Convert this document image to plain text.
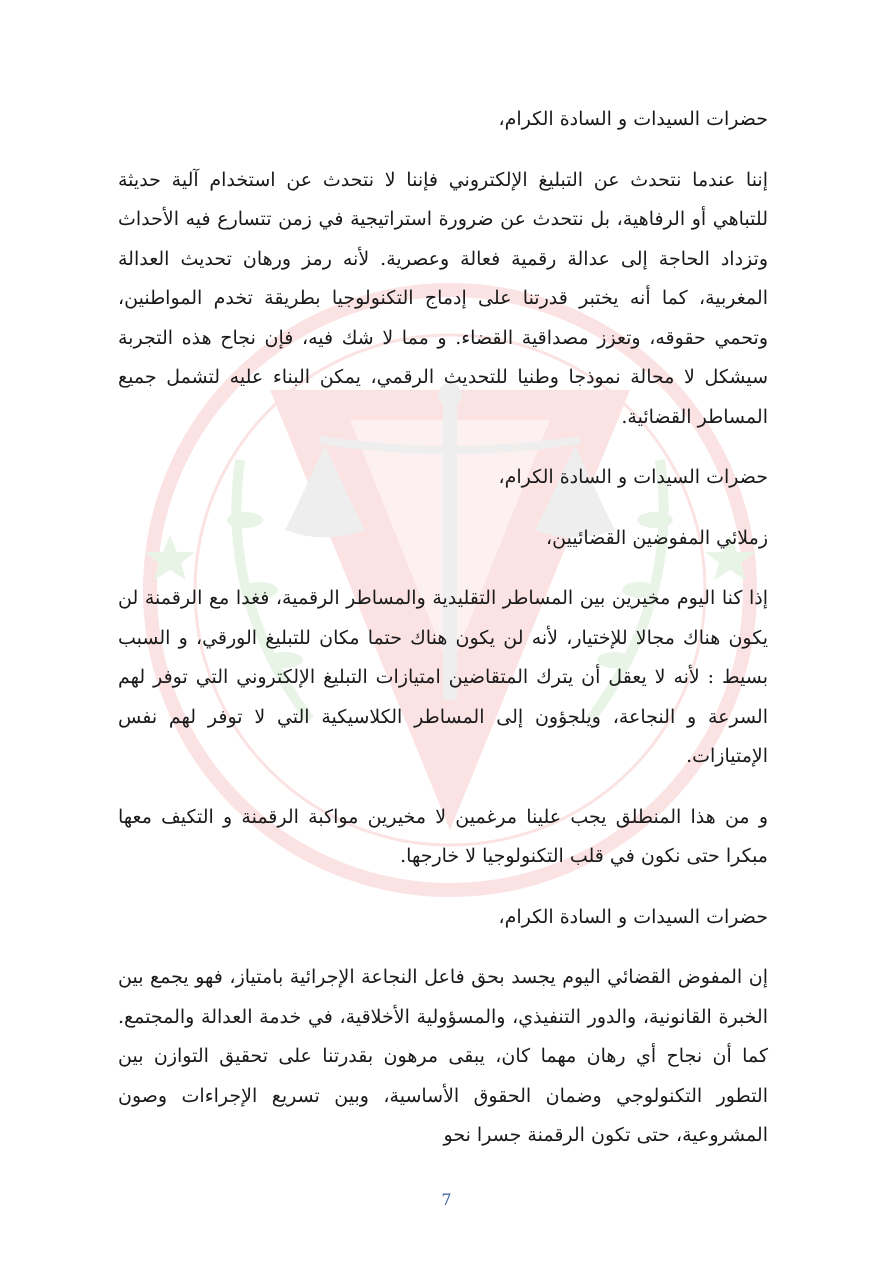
حضرات السيدات و السادة الكرام،

إننا عندما نتحدث عن التبليغ الإلكتروني فإننا لا نتحدث عن استخدام آلية حديثة للتباهي أو الرفاهية، بل نتحدث عن ضرورة استراتيجية في زمن تتسارع فيه الأحداث وتزداد الحاجة إلى عدالة رقمية فعالة وعصرية. لأنه رمز ورهان تحديث العدالة المغربية، كما أنه يختبر قدرتنا على إدماج التكنولوجيا بطريقة تخدم المواطنين، وتحمي حقوقه، وتعزز مصداقية القضاء. و مما لا شك فيه، فإن نجاح هذه التجربة سيشكل لا محالة نموذجا وطنيا للتحديث الرقمي، يمكن البناء عليه لتشمل جميع المساطر القضائية.

حضرات السيدات و السادة الكرام،

زملائي المفوضين القضائيين،

إذا كنا اليوم مخيرين بين المساطر التقليدية والمساطر الرقمية، فغدا مع الرقمنة لن يكون هناك مجالا للإختيار، لأنه لن يكون هناك حتما مكان للتبليغ الورقي، و السبب بسيط : لأنه لا يعقل أن يترك المتقاضين امتيازات التبليغ الإلكتروني التي توفر لهم السرعة و النجاعة، ويلجؤون إلى المساطر الكلاسيكية التي لا توفر لهم نفس الإمتيازات.

و من هذا المنطلق يجب علينا مرغمين لا مخيرين مواكبة الرقمنة و التكيف معها مبكرا حتى نكون في قلب التكنولوجيا لا خارجها.

حضرات السيدات و السادة الكرام،

إن المفوض القضائي اليوم يجسد بحق فاعل النجاعة الإجرائية بامتياز، فهو يجمع بين الخبرة القانونية، والدور التنفيذي، والمسؤولية الأخلاقية، في خدمة العدالة والمجتمع. كما أن نجاح أي رهان مهما كان، يبقى مرهون بقدرتنا على تحقيق التوازن بين التطور التكنولوجي وضمان الحقوق الأساسية، وبين تسريع الإجراءات وصون المشروعية، حتى تكون الرقمنة جسرا نحو

7
